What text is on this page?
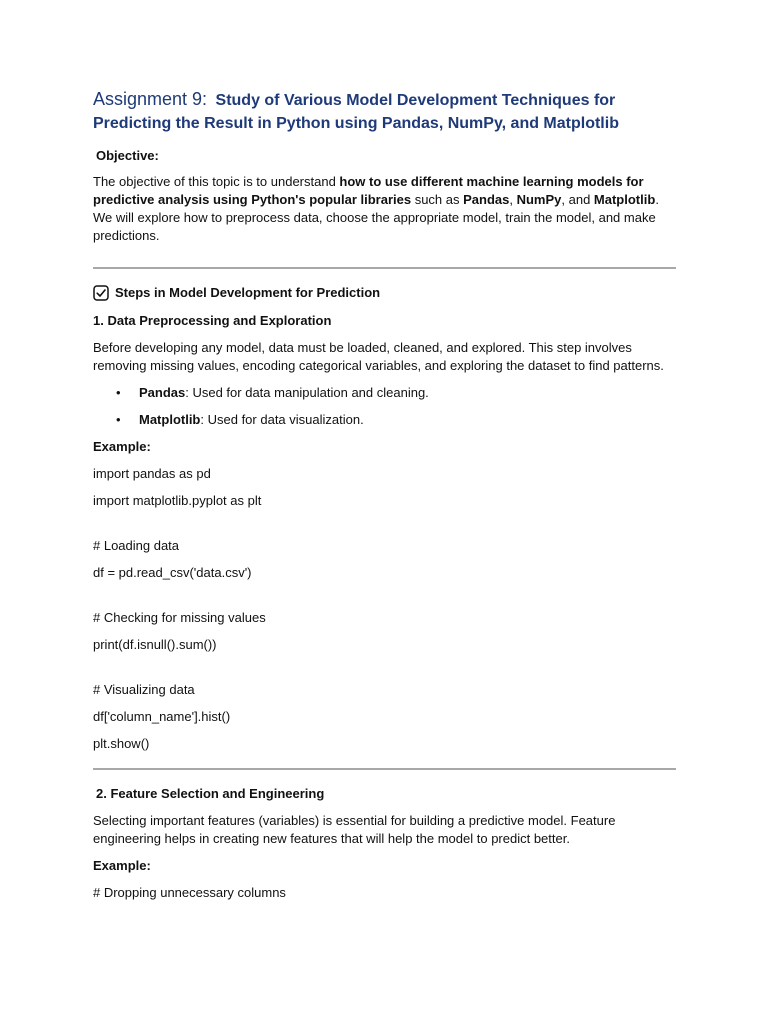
Assignment 9: Study of Various Model Development Techniques for
Predicting the Result in Python using Pandas, NumPy, and Matplotlib
Objective:

The objective of this topic is to understand how to use different machine learning models for predictive analysis using Python's popular libraries such as Pandas, NumPy, and Matplotlib. We will explore how to preprocess data, choose the appropriate model, train the model, and make predictions.

Steps in Model Development for Prediction
1. Data Preprocessing and Exploration

Before developing any model, data must be loaded, cleaned, and explored. This step involves removing missing values, encoding categorical variables, and exploring the dataset to find patterns.

• Pandas: Used for data manipulation and cleaning.
• Matplotlib: Used for data visualization.
Example:
import pandas as pd
import matplotlib.pyplot as plt
# Loading data
df = pd.read_csv('data.csv')
# Checking for missing values
print(df.isnull().sum())
# Visualizing data
df['column_name'].hist()
plt.show()
2. Feature Selection and Engineering

Selecting important features (variables) is essential for building a predictive model. Feature engineering helps in creating new features that will help the model to predict better.

Example:
# Dropping unnecessary columns
